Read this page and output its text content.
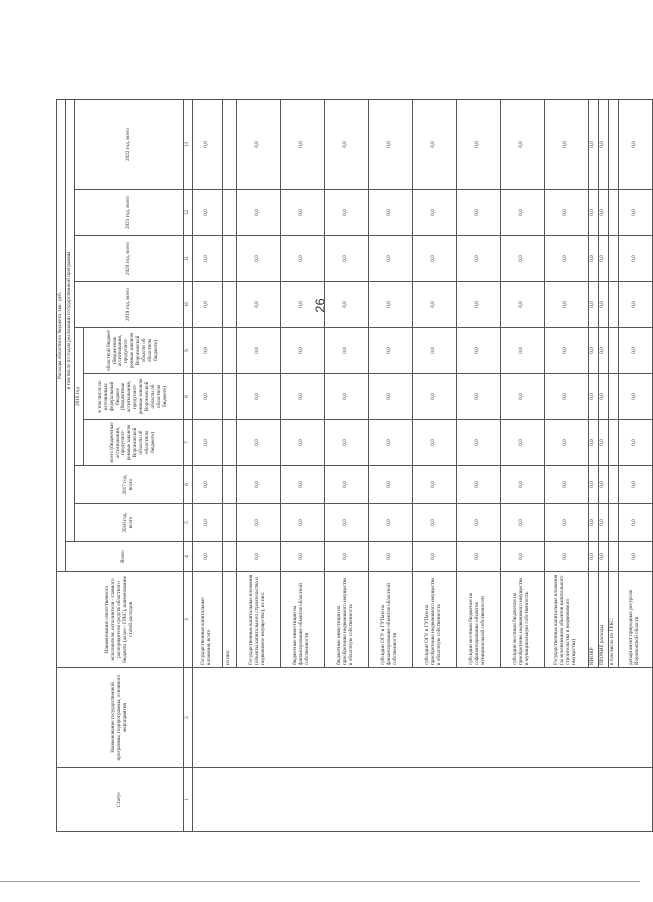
26
Статус	Наименование государственной программы, подпрограммы, основного мероприятия	Наименование ответственного исполнителя, исполнителя - главного распорядителя средств областного бюджета (далее - ГРБС), наименование статей расходов	Расходы областного бюджета, тыс. руб.									
			Всего	в том числе по годам реализации государственной программы								
				2016 год, всего	2017 год, всего	2018 год			2019 год, всего	2020 год, всего	2021 год, всего	2022 год, всего
						всего (бюджетные ассигнования, предусмот-ренные законом Воронежской области об областном бюджете)	в том числе по источникам: федеральный бюджет (бюджетные ассигнования, предусмот-ренные законом Воронежской области об областном бюджете)	областной бюджет (бюджетные ассигнования, предусмот-ренные законом Воронежской области об областном бюджете)				
1	2	3	4	5	6	7	8	9	10	11	12	13
		Государственные капитальные вложения, всего	0,0	0,0	0,0	0,0	0,0	0,0	0,0	0,0	0,0	0,0
		из них:										
		Государственные капитальные вложения (объекты капитального строительства и недвижимое имущество), из них:	0,0	0,0	0,0	0,0	0,0	0,0	0,0	0,0	0,0	0,0
		бюджетные инвестиции на финансирование объектов областной собственности	0,0	0,0	0,0	0,0	0,0	0,0	0,0	0,0	0,0	0,0
		бюджетные инвестиции на приобретение недвижимого имущества в областную собственность	0,0	0,0	0,0	0,0	0,0	0,0	0,0	0,0	0,0	0,0
		субсидии ОГУ и ГУПам на финансирование объектов областной собственности	0,0	0,0	0,0	0,0	0,0	0,0	0,0	0,0	0,0	0,0
		субсидии ОГУ и ГУПам на приобретение недвижимого имущества в областную собственность	0,0	0,0	0,0	0,0	0,0	0,0	0,0	0,0	0,0	0,0
		субсидии местным бюджетам на софинансирование объектов муниципальной собственности	0,0	0,0	0,0	0,0	0,0	0,0	0,0	0,0	0,0	0,0
		субсидии местным бюджетам на приобретение недвижимого имущества в муниципальную собственность	0,0	0,0	0,0	0,0	0,0	0,0	0,0	0,0	0,0	0,0
		Государственные капитальные вложения (за исключением объектов капитального строительства и недвижимого имущества)	0,0	0,0	0,0	0,0	0,0	0,0	0,0	0,0	0,0	0,0
		НИОКР	0,0	0,0	0,0	0,0	0,0	0,0	0,0	0,0	0,0	0,0
		ПРОЧИЕ расходы	0,0	0,0	0,0	0,0	0,0	0,0	0,0	0,0	0,0	0,0
		в том числе по ГРБС:										
		департамент природных ресурсов Воронежской области	0,0	0,0	0,0	0,0	0,0	0,0	0,0	0,0	0,0	0,0
